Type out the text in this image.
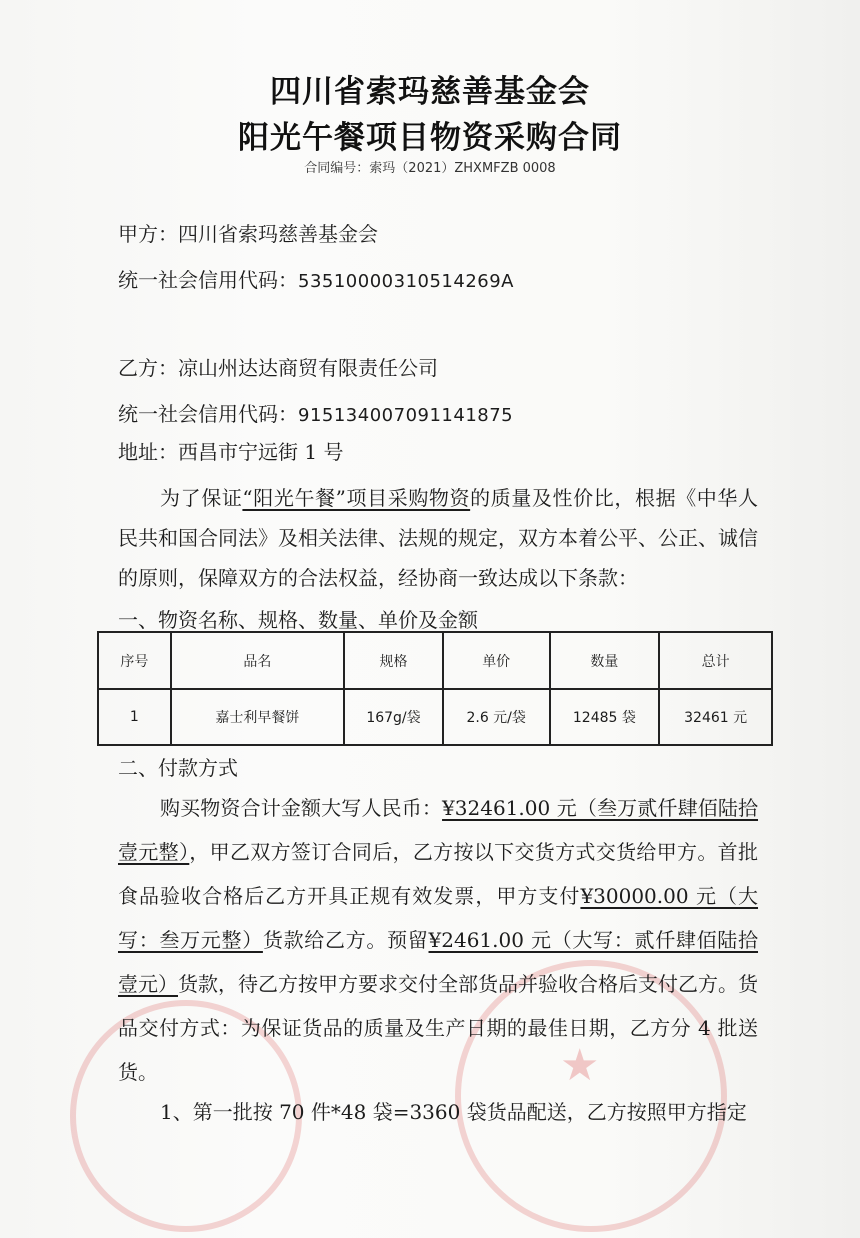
★
四川省索玛慈善基金会
阳光午餐项目物资采购合同
合同编号：索玛（2021）ZHXMFZB 0008
甲方：四川省索玛慈善基金会
统一社会信用代码：53510000310514269A
乙方：凉山州达达商贸有限责任公司
统一社会信用代码：915134007091141875
地址：西昌市宁远街 1 号
为了保证“阳光午餐”项目采购物资的质量及性价比，根据《中华人民共和国合同法》及相关法律、法规的规定，双方本着公平、公正、诚信的原则，保障双方的合法权益，经协商一致达成以下条款：
一、物资名称、规格、数量、单价及金额
序号	品名	规格	单价	数量	总计
1	嘉士利早餐饼	167g/袋	2.6 元/袋	12485 袋	32461 元
二、付款方式
购买物资合计金额大写人民币：¥32461.00 元（叁万贰仟肆佰陆拾壹元整），甲乙双方签订合同后，乙方按以下交货方式交货给甲方。首批食品验收合格后乙方开具正规有效发票，甲方支付¥30000.00 元（大写：叁万元整）货款给乙方。预留¥2461.00 元（大写：贰仟肆佰陆拾壹元）货款，待乙方按甲方要求交付全部货品并验收合格后支付乙方。货品交付方式：为保证货品的质量及生产日期的最佳日期，乙方分 4 批送货。
1、第一批按 70 件*48 袋=3360 袋货品配送，乙方按照甲方指定
